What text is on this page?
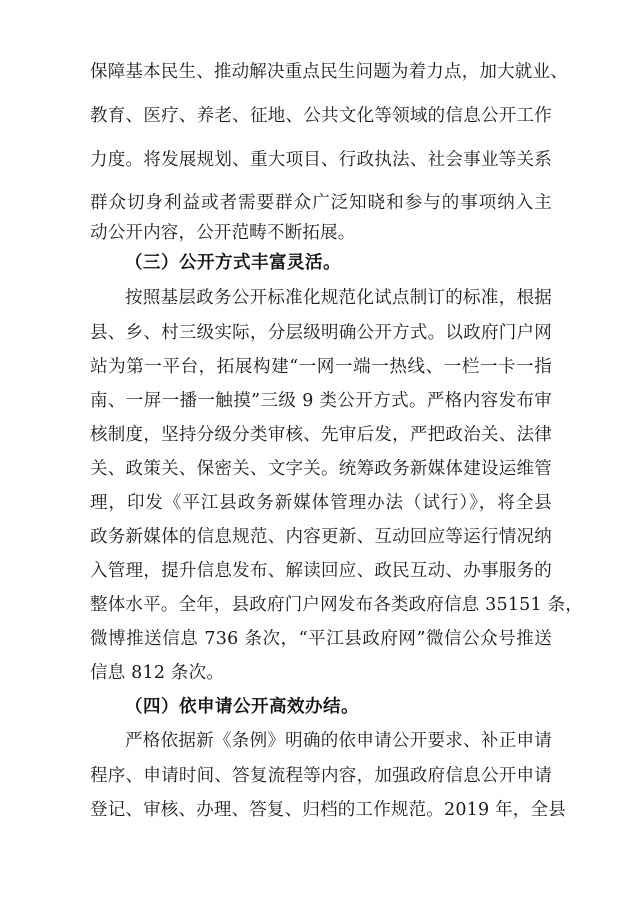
保障基本民生、推动解决重点民生问题为着力点，加大就业、
教育、医疗、养老、征地、公共文化等领域的信息公开工作
力度。将发展规划、重大项目、行政执法、社会事业等关系
群众切身利益或者需要群众广泛知晓和参与的事项纳入主
动公开内容，公开范畴不断拓展。
（三）公开方式丰富灵活。
按照基层政务公开标准化规范化试点制订的标准，根据
县、乡、村三级实际，分层级明确公开方式。以政府门户网
站为第一平台，拓展构建“一网一端一热线、一栏一卡一指
南、一屏一播一触摸”三级 9 类公开方式。严格内容发布审
核制度，坚持分级分类审核、先审后发，严把政治关、法律
关、政策关、保密关、文字关。统筹政务新媒体建设运维管
理，印发《平江县政务新媒体管理办法（试行）》，将全县
政务新媒体的信息规范、内容更新、互动回应等运行情况纳
入管理，提升信息发布、解读回应、政民互动、办事服务的
整体水平。全年，县政府门户网发布各类政府信息 35151 条，
微博推送信息 736 条次，“平江县政府网”微信公众号推送
信息 812 条次。
（四）依申请公开高效办结。
严格依据新《条例》明确的依申请公开要求、补正申请
程序、申请时间、答复流程等内容，加强政府信息公开申请
登记、审核、办理、答复、归档的工作规范。2019 年，全县
